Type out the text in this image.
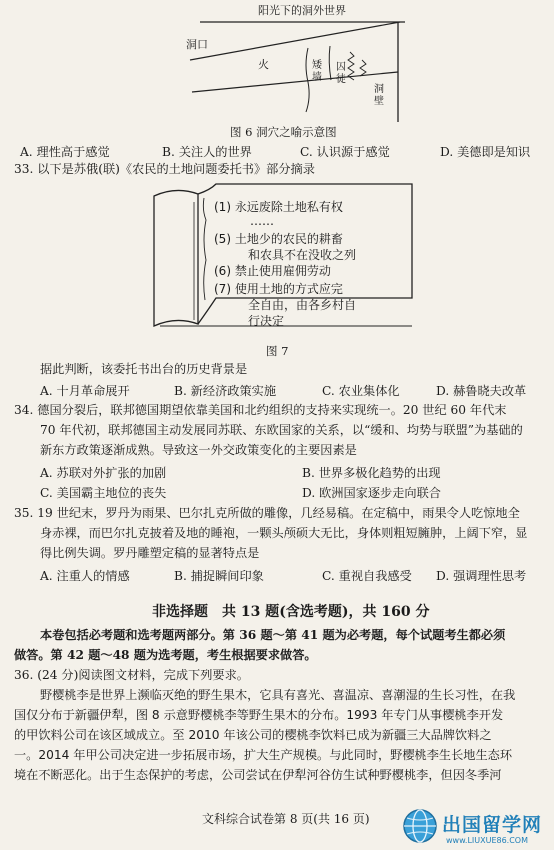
阳光下的洞外世界
洞口
火	矮墙
囚徒
洞壁
图 6 洞穴之喻示意图
A. 理性高于感觉	B. 关注人的世界	C. 认识源于感觉	D. 美德即是知识
33. 以下是苏俄(联)《农民的土地问题委托书》部分摘录
(1) 永远废除土地私有权
……
(5) 土地少的农民的耕畜
和农具不在没收之列
(6) 禁止使用雇佣劳动
(7) 使用土地的方式应完
全自由，由各乡村自
行决定
图 7
据此判断，该委托书出台的历史背景是
A. 十月革命展开	B. 新经济政策实施	C. 农业集体化	D. 赫鲁晓夫改革
34. 德国分裂后，联邦德国期望依靠美国和北约组织的支持来实现统一。20 世纪 60 年代末
70 年代初，联邦德国主动发展同苏联、东欧国家的关系，以“缓和、均势与联盟”为基础的
新东方政策逐渐成熟。导致这一外交政策变化的主要因素是
A. 苏联对外扩张的加剧	B. 世界多极化趋势的出现
C. 美国霸主地位的丧失	D. 欧洲国家逐步走向联合
35. 19 世纪末，罗丹为雨果、巴尔扎克所做的雕像，几经易稿。在定稿中，雨果令人吃惊地全
身赤裸，而巴尔扎克披着及地的睡袍，一颗头颅硕大无比，身体则粗短臃肿，上阔下窄，显
得比例失调。罗丹雕塑定稿的显著特点是
A. 注重人的情感	B. 捕捉瞬间印象	C. 重视自我感受 D. 强调理性思考
非选择题　共 13 题(含选考题)，共 160 分
本卷包括必考题和选考题两部分。第 36 题～第 41 题为必考题，每个试题考生都必须
做答。第 42 题～48 题为选考题，考生根据要求做答。
36. (24 分)阅读图文材料，完成下列要求。
野樱桃李是世界上濒临灭绝的野生果木，它具有喜光、喜温凉、喜潮湿的生长习性，在我
国仅分布于新疆伊犁，图 8 示意野樱桃李等野生果木的分布。1993 年专门从事樱桃李开发
的甲饮料公司在该区域成立。至 2010 年该公司的樱桃李饮料已成为新疆三大品牌饮料之
一。2014 年甲公司决定进一步拓展市场，扩大生产规模。与此同时，野樱桃李生长地生态环
境在不断恶化。出于生态保护的考虑，公司尝试在伊犁河谷仿生试种野樱桃李，但因冬季河
文科综合试卷第 8 页(共 16 页)	出国留学网
www.LIUXUE86.COM
